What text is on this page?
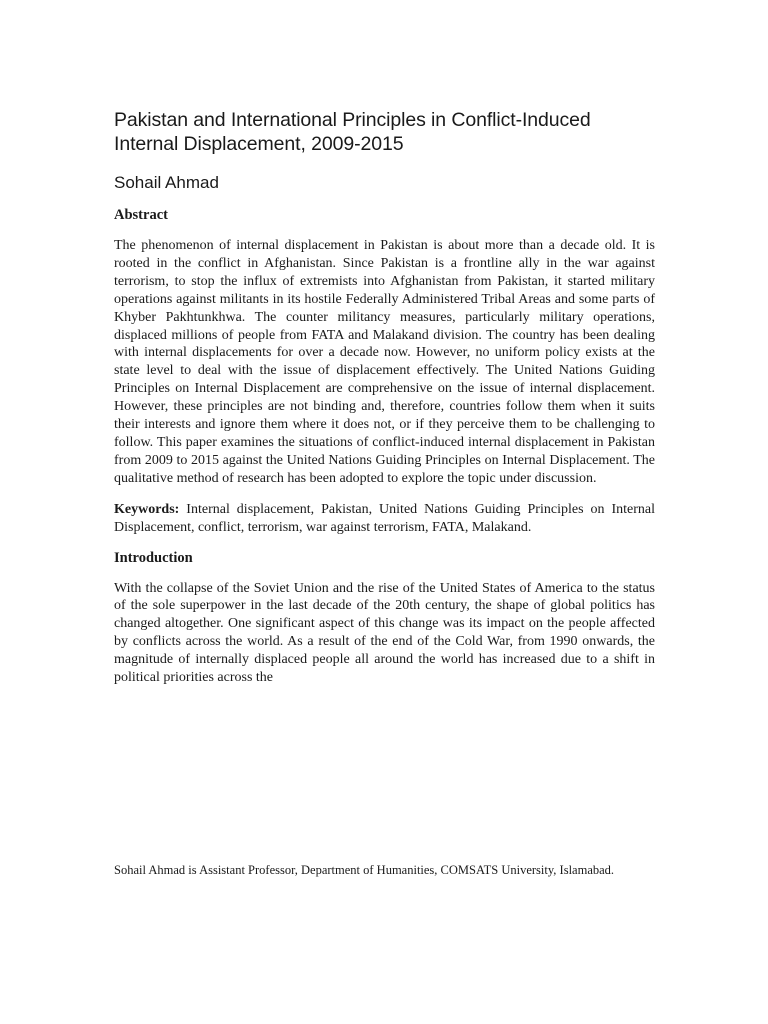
Pakistan and International Principles in Conflict-Induced Internal Displacement, 2009-2015

Sohail Ahmad

Abstract

The phenomenon of internal displacement in Pakistan is about more than a decade old. It is rooted in the conflict in Afghanistan. Since Pakistan is a frontline ally in the war against terrorism, to stop the influx of extremists into Afghanistan from Pakistan, it started military operations against militants in its hostile Federally Administered Tribal Areas and some parts of Khyber Pakhtunkhwa. The counter militancy measures, particularly military operations, displaced millions of people from FATA and Malakand division. The country has been dealing with internal displacements for over a decade now. However, no uniform policy exists at the state level to deal with the issue of displacement effectively. The United Nations Guiding Principles on Internal Displacement are comprehensive on the issue of internal displacement. However, these principles are not binding and, therefore, countries follow them when it suits their interests and ignore them where it does not, or if they perceive them to be challenging to follow. This paper examines the situations of conflict-induced internal displacement in Pakistan from 2009 to 2015 against the United Nations Guiding Principles on Internal Displacement. The qualitative method of research has been adopted to explore the topic under discussion.

Keywords: Internal displacement, Pakistan, United Nations Guiding Principles on Internal Displacement, conflict, terrorism, war against terrorism, FATA, Malakand.

Introduction

With the collapse of the Soviet Union and the rise of the United States of America to the status of the sole superpower in the last decade of the 20th century, the shape of global politics has changed altogether. One significant aspect of this change was its impact on the people affected by conflicts across the world. As a result of the end of the Cold War, from 1990 onwards, the magnitude of internally displaced people all around the world has increased due to a shift in political priorities across the

Sohail Ahmad is Assistant Professor, Department of Humanities, COMSATS University, Islamabad.
